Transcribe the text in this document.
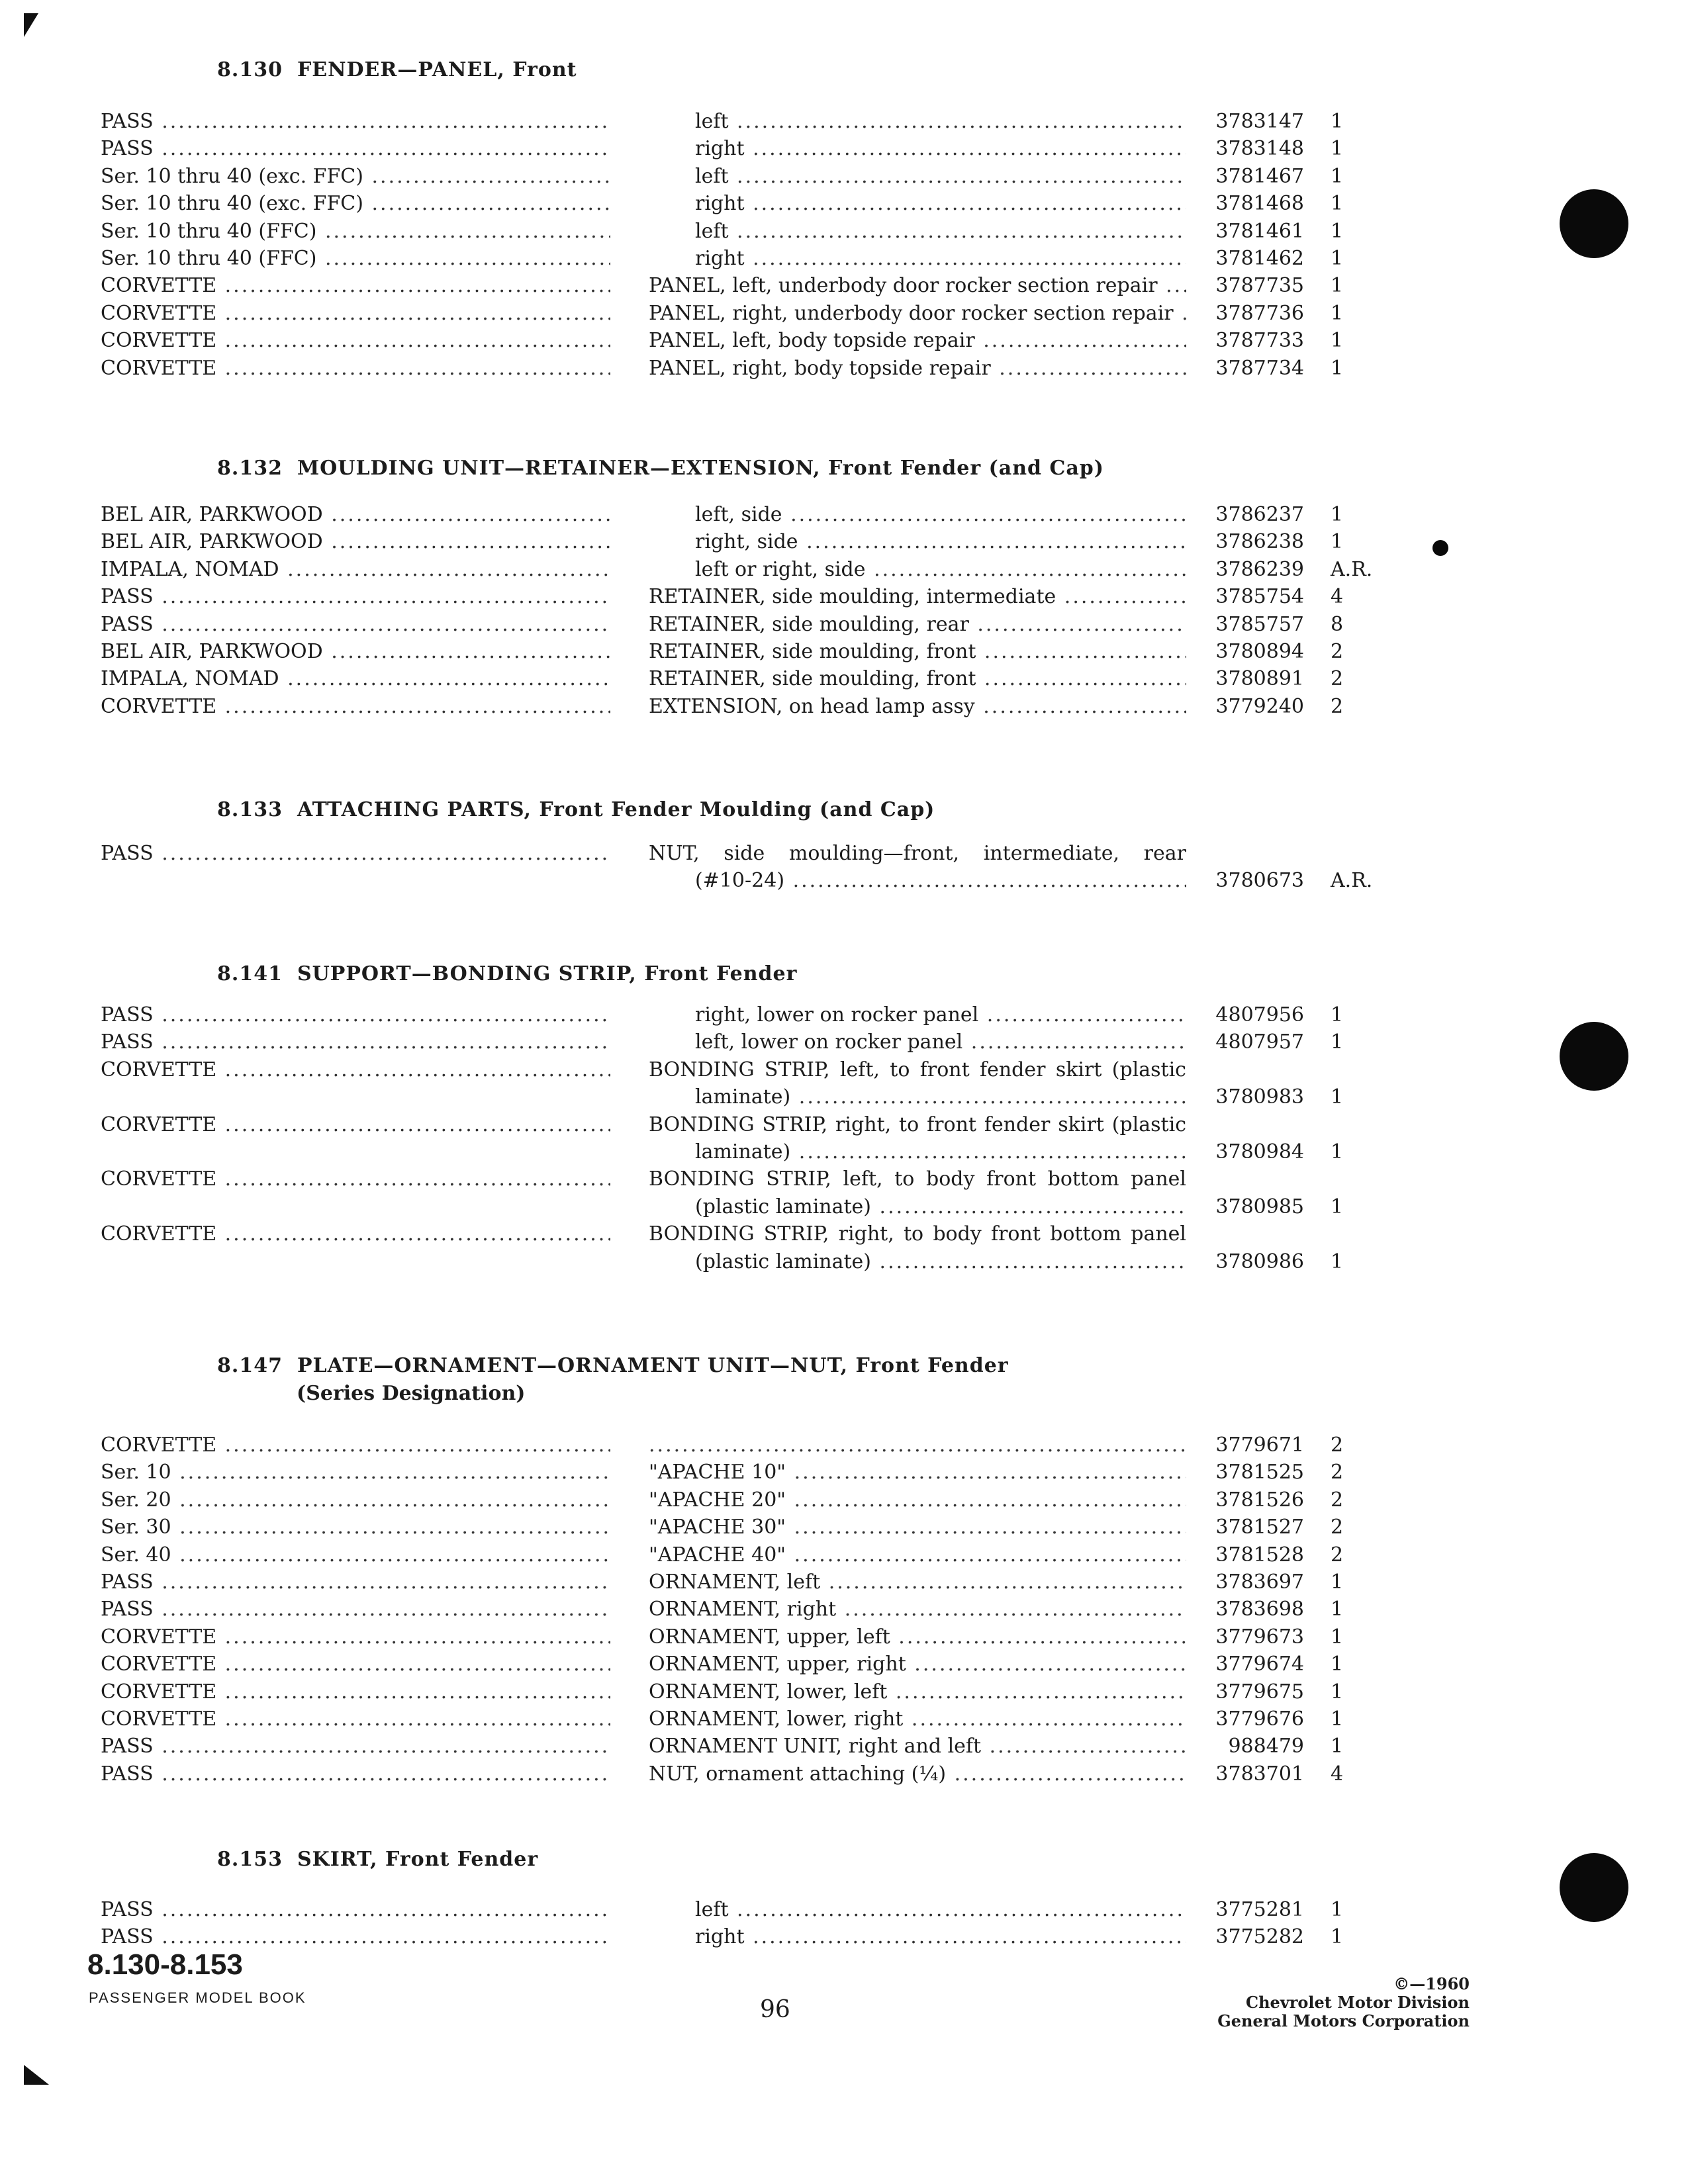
8.130 FENDER—PANEL, Front
PASS .....	left .....	3783147 1
PASS .....	right .....	3783148 1
Ser. 10 thru 40 (exc. FFC) .....	left .....	3781467 1
Ser. 10 thru 40 (exc. FFC) .....	right .....	3781468 1
Ser. 10 thru 40 (FFC) .....	left .....	3781461 1
Ser. 10 thru 40 (FFC) .....	right .....	3781462 1
CORVETTE .....	PANEL, left, underbody door rocker section repair .....	3787735 1
CORVETTE .....	PANEL, right, underbody door rocker section repair .....	3787736 1
CORVETTE .....	PANEL, left, body topside repair .....	3787733 1
CORVETTE .....	PANEL, right, body topside repair .....	3787734 1
8.132 MOULDING UNIT—RETAINER—EXTENSION, Front Fender (and Cap)
BEL AIR, PARKWOOD .....	left, side .....	3786237 1
BEL AIR, PARKWOOD .....	right, side .....	3786238 1
IMPALA, NOMAD .....	left or right, side .....	3786239 A.R.
PASS .....	RETAINER, side moulding, intermediate .....	3785754 4
PASS .....	RETAINER, side moulding, rear .....	3785757 8
BEL AIR, PARKWOOD .....	RETAINER, side moulding, front .....	3780894 2
IMPALA, NOMAD .....	RETAINER, side moulding, front .....	3780891 2
CORVETTE .....	EXTENSION, on head lamp assy .....	3779240 2
8.133 ATTACHING PARTS, Front Fender Moulding (and Cap)
PASS .....	NUT, side moulding—front, intermediate, rear
(#10-24) .....	3780673 A.R.
8.141 SUPPORT—BONDING STRIP, Front Fender
PASS .....	right, lower on rocker panel .....	4807956 1
PASS .....	left, lower on rocker panel .....	4807957 1
CORVETTE .....	BONDING STRIP, left, to front fender skirt (plastic
laminate) .....	3780983 1
CORVETTE .....	BONDING STRIP, right, to front fender skirt (plastic
laminate) .....	3780984 1
CORVETTE .....	BONDING STRIP, left, to body front bottom panel
(plastic laminate) .....	3780985 1
CORVETTE .....	BONDING STRIP, right, to body front bottom panel
(plastic laminate) .....	3780986 1
8.147 PLATE—ORNAMENT—ORNAMENT UNIT—NUT, Front Fender
(Series Designation)
CORVETTE .....
.....	3779671 2
Ser. 10 .....	"APACHE 10" .....	3781525 2
Ser. 20 .....	"APACHE 20" .....	3781526 2
Ser. 30 .....	"APACHE 30" .....	3781527 2
Ser. 40 .....	"APACHE 40" .....	3781528 2
PASS .....	ORNAMENT, left .....	3783697 1
PASS .....	ORNAMENT, right .....	3783698 1
CORVETTE .....	ORNAMENT, upper, left .....	3779673 1
CORVETTE .....	ORNAMENT, upper, right .....	3779674 1
CORVETTE .....	ORNAMENT, lower, left .....	3779675 1
CORVETTE .....	ORNAMENT, lower, right .....	3779676 1
PASS .....	ORNAMENT UNIT, right and left .....	988479 1
PASS .....	NUT, ornament attaching (¼) .....	3783701 4
8.153 SKIRT, Front Fender
PASS .....	left .....	3775281 1
PASS .....	right .....	3775282 1
8.130-8.153
PASSENGER MODEL BOOK	96
©—1960
Chevrolet Motor Division
General Motors Corporation
